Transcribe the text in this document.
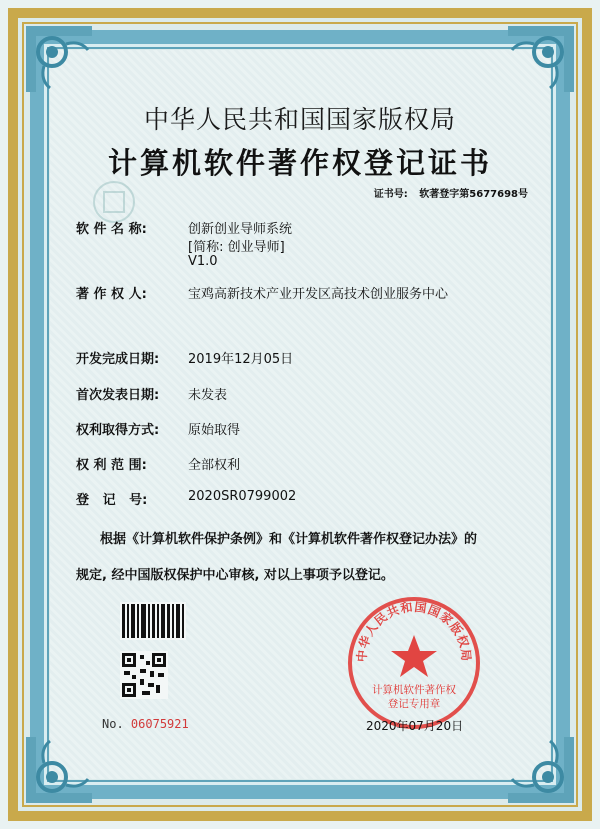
中华人民共和国国家版权局
计算机软件著作权登记证书
证书号: 软著登字第5677698号
软 件 名 称:	创新创业导师系统
[简称: 创业导师]
V1.0
著 作 权 人:	宝鸡高新技术产业开发区高技术创业服务中心
开发完成日期: 2019年12月05日
首次发表日期: 未发表
权利取得方式: 原始取得
权 利 范 围:	全部权利
登   记   号:	2020SR0799002
根据《计算机软件保护条例》和《计算机软件著作权登记办法》的
规定, 经中国版权保护中心审核, 对以上事项予以登记。
No. 06075921
中华人民共和国国家版权局
计算机软件著作权
登记专用章
2020年07月20日
